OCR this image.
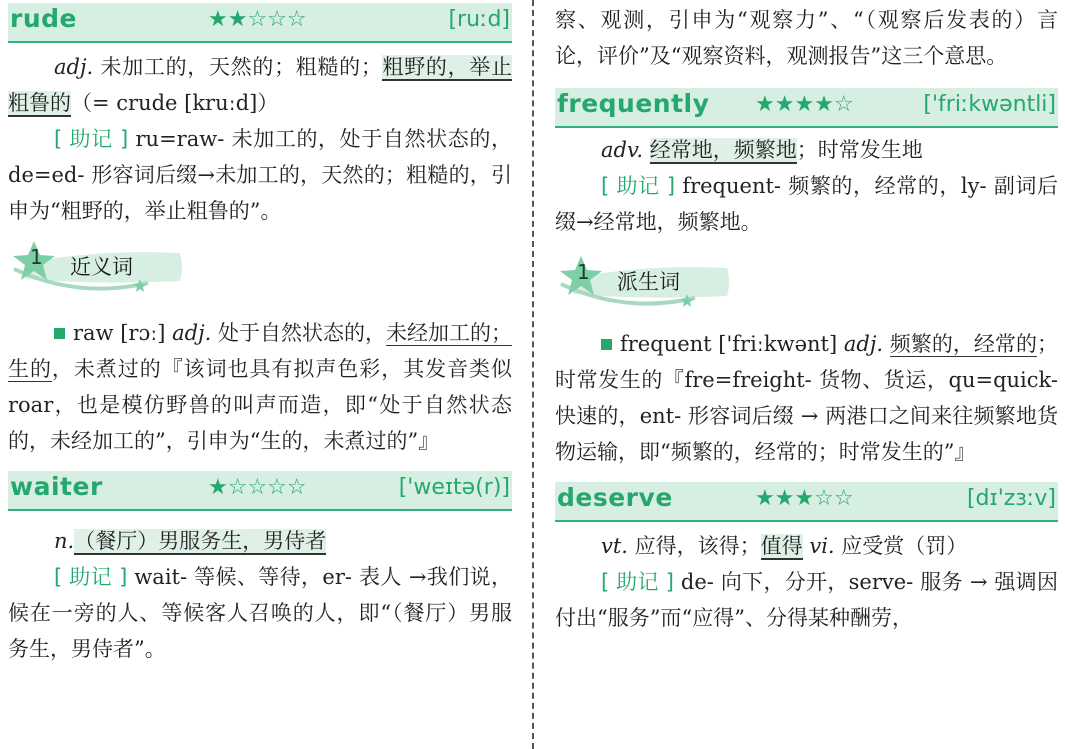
rude	★★☆☆☆	[ruːd]

adj. 未加工的，天然的；粗糙的；粗野的，举止粗鲁的（= crude [kruːd]）

[ 助记 ] ru=raw- 未加工的，处于自然状态的，de=ed- 形容词后缀→未加工的，天然的；粗糙的，引申为“粗野的，举止粗鲁的”。

1 近义词

raw [rɔː] adj. 处于自然状态的，未经加工的；生的，未煮过的『该词也具有拟声色彩，其发音类似 roar，也是模仿野兽的叫声而造，即“处于自然状态的，未经加工的”，引申为“生的，未煮过的”』

waiter	★☆☆☆☆	['weɪtə(r)]

n.（餐厅）男服务生，男侍者

[ 助记 ] wait- 等候、等待，er- 表人 →我们说，候在一旁的人、等候客人召唤的人，即“（餐厅）男服务生，男侍者”。

察、观测，引申为“观察力”、“（观察后发表的）言论，评价”及“观察资料，观测报告”这三个意思。

frequently ★★★★☆	['friːkwəntli]

adv. 经常地，频繁地；时常发生地

[ 助记 ] frequent- 频繁的，经常的，ly- 副词后缀→经常地，频繁地。

1 派生词

frequent ['friːkwənt] adj. 频繁的，经常的；时常发生的『fre=freight- 货物、货运，qu=quick- 快速的，ent- 形容词后缀 → 两港口之间来往频繁地货物运输，即“频繁的，经常的；时常发生的”』

deserve	★★★☆☆	[dɪ'zɜːv]

vt. 应得，该得；值得 vi. 应受赏（罚）

[ 助记 ] de- 向下，分开，serve- 服务 → 强调因付出“服务”而“应得”、分得某种酬劳，
